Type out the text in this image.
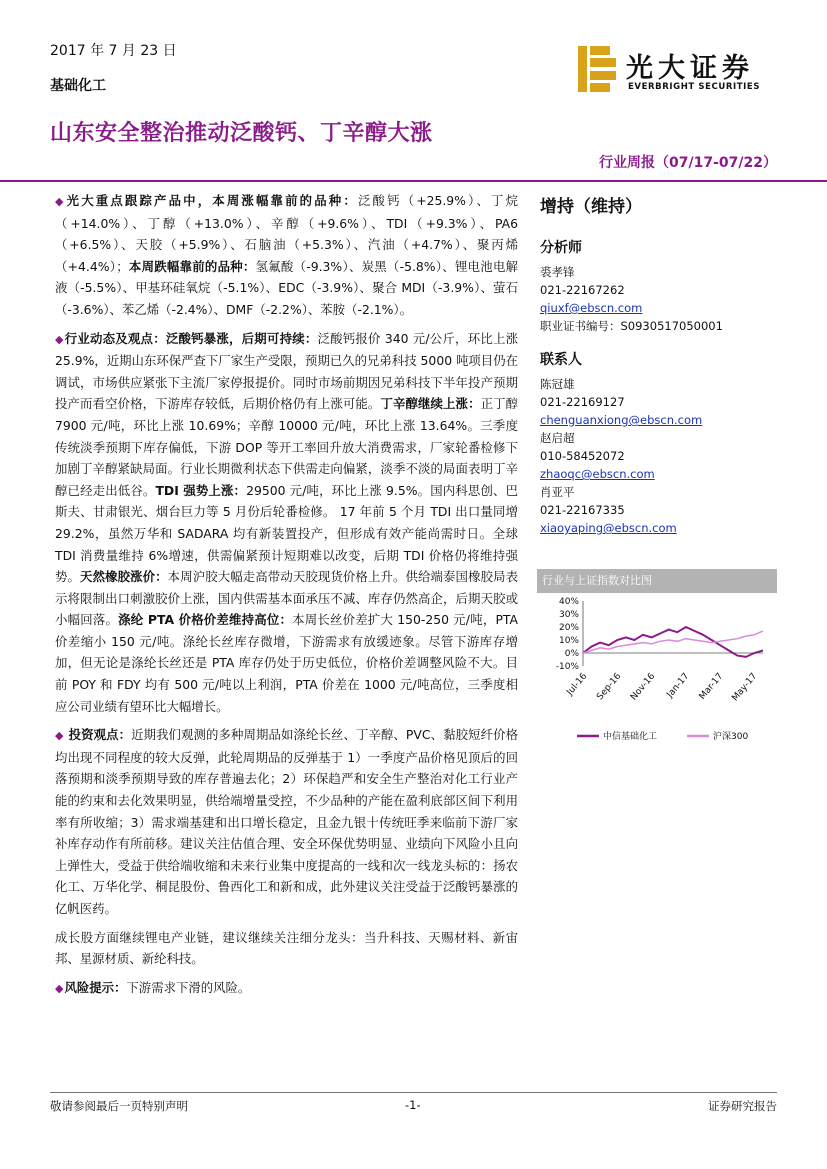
2017 年 7 月 23 日
基础化工
山东安全整治推动泛酸钙、丁辛醇大涨
行业周报（07/17-07/22）
光大证券
EVERBRIGHT SECURITIES

◆光大重点跟踪产品中，本周涨幅靠前的品种：泛酸钙（+25.9%）、丁烷（+14.0%）、丁醇（+13.0%）、辛醇（+9.6%）、TDI（+9.3%）、PA6（+6.5%）、天胶（+5.9%）、石脑油（+5.3%）、汽油（+4.7%）、聚丙烯（+4.4%）；本周跌幅靠前的品种：氢氟酸（-9.3%）、炭黑（-5.8%）、锂电池电解液（-5.5%）、甲基环硅氧烷（-5.1%）、EDC（-3.9%）、聚合 MDI（-3.9%）、萤石（-3.6%）、苯乙烯（-2.4%）、DMF（-2.2%）、苯胺（-2.1%）。

◆行业动态及观点：泛酸钙暴涨，后期可持续：泛酸钙报价 340 元/公斤，环比上涨 25.9%，近期山东环保严查下厂家生产受限，预期已久的兄弟科技 5000 吨项目仍在调试，市场供应紧张下主流厂家停报提价。同时市场前期因兄弟科技下半年投产预期投产而看空价格，下游库存较低，后期价格仍有上涨可能。丁辛醇继续上涨：正丁醇 7900 元/吨，环比上涨 10.69%；辛醇 10000 元/吨，环比上涨 13.64%。三季度传统淡季预期下库存偏低，下游 DOP 等开工率回升放大消费需求，厂家轮番检修下加剧丁辛醇紧缺局面。行业长期微利状态下供需走向偏紧，淡季不淡的局面表明丁辛醇已经走出低谷。TDI 强势上涨：29500 元/吨，环比上涨 9.5%。国内科思创、巴斯夫、甘肃银光、烟台巨力等 5 月份后轮番检修。 17 年前 5 个月 TDI 出口量同增 29.2%，虽然万华和 SADARA 均有新装置投产，但形成有效产能尚需时日。全球 TDI 消费量维持 6%增速，供需偏紧预计短期难以改变，后期 TDI 价格仍将维持强势。天然橡胶涨价：本周沪胶大幅走高带动天胶现货价格上升。供给端泰国橡胶局表示将限制出口刺激胶价上涨，国内供需基本面承压不减、库存仍然高企，后期天胶或小幅回落。涤纶 PTA 价格价差维持高位：本周长丝价差扩大 150-250 元/吨，PTA 价差缩小 150 元/吨。涤纶长丝库存微增，下游需求有放缓迹象。尽管下游库存增加，但无论是涤纶长丝还是 PTA 库存仍处于历史低位，价格价差调整风险不大。目前 POY 和 FDY 均有 500 元/吨以上利润，PTA 价差在 1000 元/吨高位，三季度相应公司业绩有望环比大幅增长。

◆ 投资观点：近期我们观测的多种周期品如涤纶长丝、丁辛醇、PVC、黏胶短纤价格均出现不同程度的较大反弹，此轮周期品的反弹基于 1）一季度产品价格见顶后的回落预期和淡季预期导致的库存普遍去化；2）环保趋严和安全生产整治对化工行业产能的约束和去化效果明显，供给端增量受控，不少品种的产能在盈利底部区间下利用率有所收缩；3）需求端基建和出口增长稳定，且金九银十传统旺季来临前下游厂家补库存动作有所前移。建议关注估值合理、安全环保优势明显、业绩向下风险小且向上弹性大，受益于供给端收缩和未来行业集中度提高的一线和次一线龙头标的：扬农化工、万华化学、桐昆股份、鲁西化工和新和成，此外建议关注受益于泛酸钙暴涨的亿帆医药。

成长股方面继续锂电产业链，建议继续关注细分龙头：当升科技、天赐材料、新宙邦、星源材质、新纶科技。

◆风险提示：下游需求下滑的风险。

增持（维持）
分析师
裘孝锋
021-22167262
qiuxf@ebscn.com
职业证书编号：S0930517050001
联系人
陈冠雄
021-22169127
chenguanxiong@ebscn.com
赵启超
010-58452072
zhaoqc@ebscn.com
肖亚平
021-22167335
xiaoyaping@ebscn.com
行业与上证指数对比图
40%
30%
20%
10%
0%
-10%
Jul-16 Sep-16 Nov-16 Jan-17 Mar-17 May-17
中信基础化工	沪深300
敬请参阅最后一页特别声明	-1-	证券研究报告
